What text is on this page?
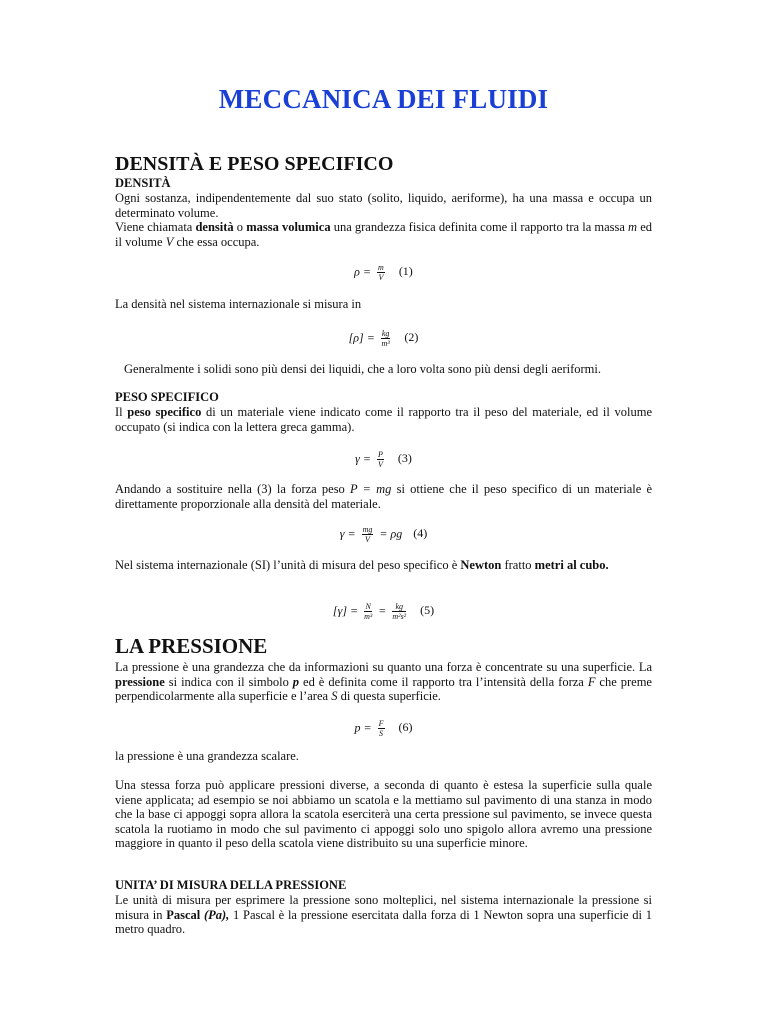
MECCANICA DEI FLUIDI
DENSITÀ E PESO SPECIFICO
DENSITÀ

Ogni sostanza, indipendentemente dal suo stato (solito, liquido, aeriforme), ha una massa e occupa un determinato volume.

Viene chiamata densità o massa volumica una grandezza fisica definita come il rapporto tra la massa m ed il volume V che essa occupa.

$\rho = \frac{m}{V} (1)$

La densità nel sistema internazionale si misura in

$[\rho] = \frac{kg}{\text{m³}} (2)$

Generalmente i solidi sono più densi dei liquidi, che a loro volta sono più densi degli aeriformi.

PESO SPECIFICO

Il peso specifico di un materiale viene indicato come il rapporto tra il peso del materiale, ed il volume occupato (si indica con la lettera greca gamma).

$\gamma = \frac{P}{V} (3)$

Andando a sostituire nella (3) la forza peso P = mg si ottiene che il peso specifico di un materiale è direttamente proporzionale alla densità del materiale.

$\gamma = \frac{mg}{V} = \rho g$ (4)

Nel sistema internazionale (SI) l’unità di misura del peso specifico è Newton fratto metri al cubo.

$[\gamma] = \frac{N}{\text{m³}} = \frac{kg}{\text{m²s²}} (5)$
LA PRESSIONE

La pressione è una grandezza che da informazioni su quanto una forza è concentrate su una superficie. La pressione si indica con il simbolo p ed è definita come il rapporto tra l’intensità della forza F che preme perpendicolarmente alla superficie e l’area S di questa superficie.

$p = \frac{F}{S} (6)$

la pressione è una grandezza scalare.

Una stessa forza può applicare pressioni diverse, a seconda di quanto è estesa la superficie sulla quale viene applicata; ad esempio se noi abbiamo un scatola e la mettiamo sul pavimento di una stanza in modo che la base ci appoggi sopra allora la scatola eserciterà una certa pressione sul pavimento, se invece questa scatola la ruotiamo in modo che sul pavimento ci appoggi solo uno spigolo allora avremo una pressione maggiore in quanto il peso della scatola viene distribuito su una superficie minore.

UNITA’ DI MISURA DELLA PRESSIONE

Le unità di misura per esprimere la pressione sono molteplici, nel sistema internazionale la pressione si misura in Pascal (Pa), 1 Pascal è la pressione esercitata dalla forza di 1 Newton sopra una superficie di 1 metro quadro.
